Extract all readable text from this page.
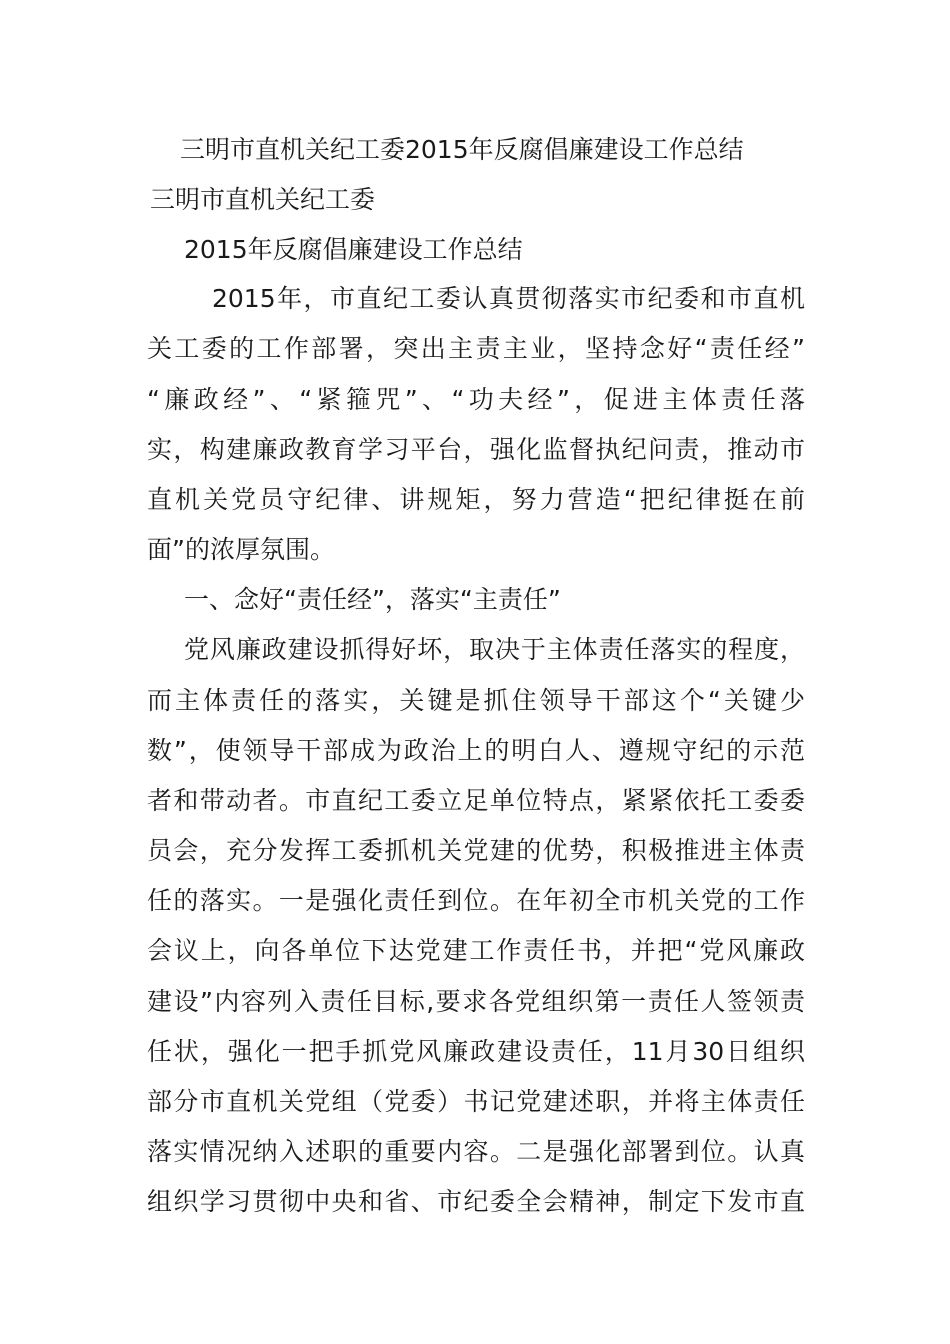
三明市直机关纪工委2015年反腐倡廉建设工作总结
三明市直机关纪工委
2015年反腐倡廉建设工作总结
2015年，市直纪工委认真贯彻落实市纪委和市直机
关工委的工作部署，突出主责主业，坚持念好“责任经”
“廉政经”、“紧箍咒”、“功夫经”，促进主体责任落
实，构建廉政教育学习平台，强化监督执纪问责，推动市
直机关党员守纪律、讲规矩，努力营造“把纪律挺在前
面”的浓厚氛围。
一、念好“责任经”，落实“主责任”
党风廉政建设抓得好坏，取决于主体责任落实的程度，
而主体责任的落实，关键是抓住领导干部这个“关键少
数”，使领导干部成为政治上的明白人、遵规守纪的示范
者和带动者。市直纪工委立足单位特点，紧紧依托工委委
员会，充分发挥工委抓机关党建的优势，积极推进主体责
任的落实。一是强化责任到位。在年初全市机关党的工作
会议上，向各单位下达党建工作责任书，并把“党风廉政
建设”内容列入责任目标,要求各党组织第一责任人签领责
任状，强化一把手抓党风廉政建设责任，11月30日组织
部分市直机关党组（党委）书记党建述职，并将主体责任
落实情况纳入述职的重要内容。二是强化部署到位。认真
组织学习贯彻中央和省、市纪委全会精神，制定下发市直
